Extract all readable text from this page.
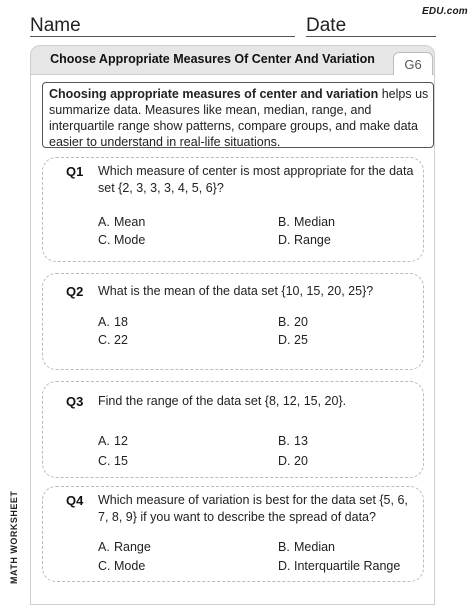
EDU.com
Name	Date
Choose Appropriate Measures Of Center And Variation	G6
Choosing appropriate measures of center and variation helps us summarize data. Measures like mean, median, range, and interquartile range show patterns, compare groups, and make data easier to understand in real-life situations.
Q1 Which measure of center is most appropriate for the data set {2, 3, 3, 3, 4, 5, 6}?
A. Mean	B. Median
C. Mode	D. Range
Q2 What is the mean of the data set {10, 15, 20, 25}?
A. 18	B. 20
C. 22	D. 25
Q3 Find the range of the data set {8, 12, 15, 20}.
A. 12	B. 13
C. 15	D. 20
Q4 Which measure of variation is best for the data set {5, 6, 7, 8, 9} if you want to describe the spread of data?
A. Range	B. Median
C. Mode	D. Interquartile Range
MATH WORKSHEET
